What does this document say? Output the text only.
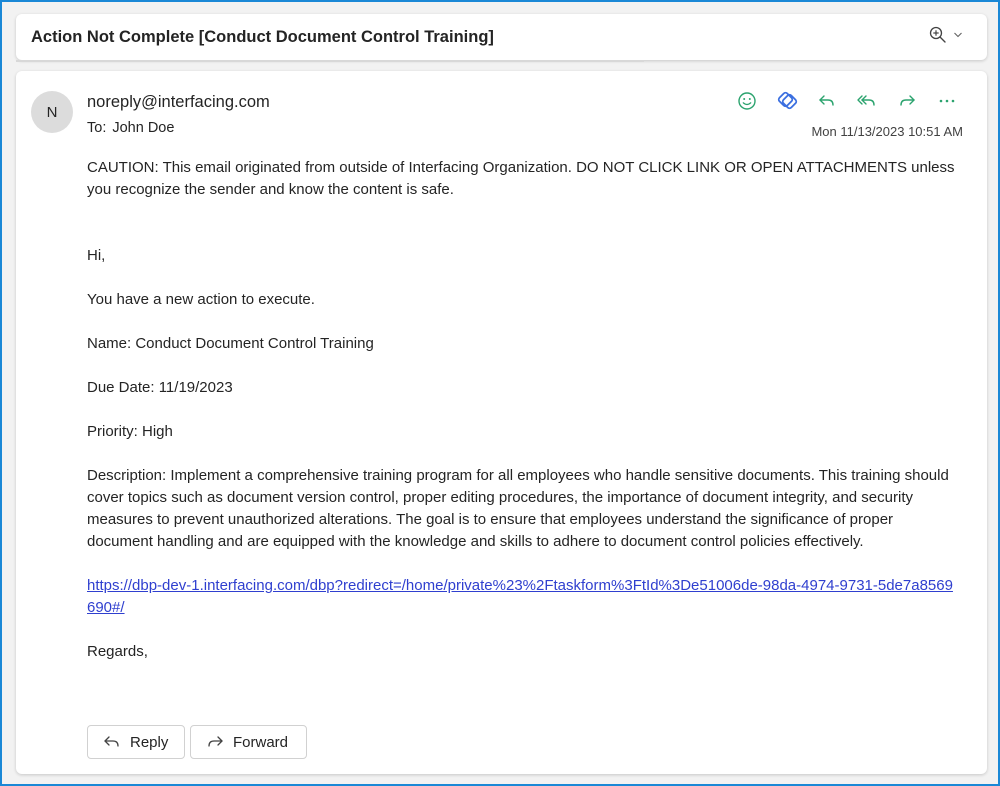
Action Not Complete [Conduct Document Control Training]
N
noreply@interfacing.com
To: John Doe	Mon 11/13/2023 10:51 AM

CAUTION: This email originated from outside of Interfacing Organization. DO NOT CLICK LINK OR OPEN ATTACHMENTS unless you recognize the sender and know the content is safe.

Hi,

You have a new action to execute.

Name: Conduct Document Control Training

Due Date: 11/19/2023

Priority: High

Description: Implement a comprehensive training program for all employees who handle sensitive documents. This training should cover topics such as document version control, proper editing procedures, the importance of document integrity, and security measures to prevent unauthorized alterations. The goal is to ensure that employees understand the significance of proper document handling and are equipped with the knowledge and skills to adhere to document control policies effectively.

https://dbp-dev-1.interfacing.com/dbp?redirect=/home/private%23%2Ftaskform%3FtId%3De51006de-98da-4974-9731-5de7a8569690#/

Regards,

Reply	Forward
